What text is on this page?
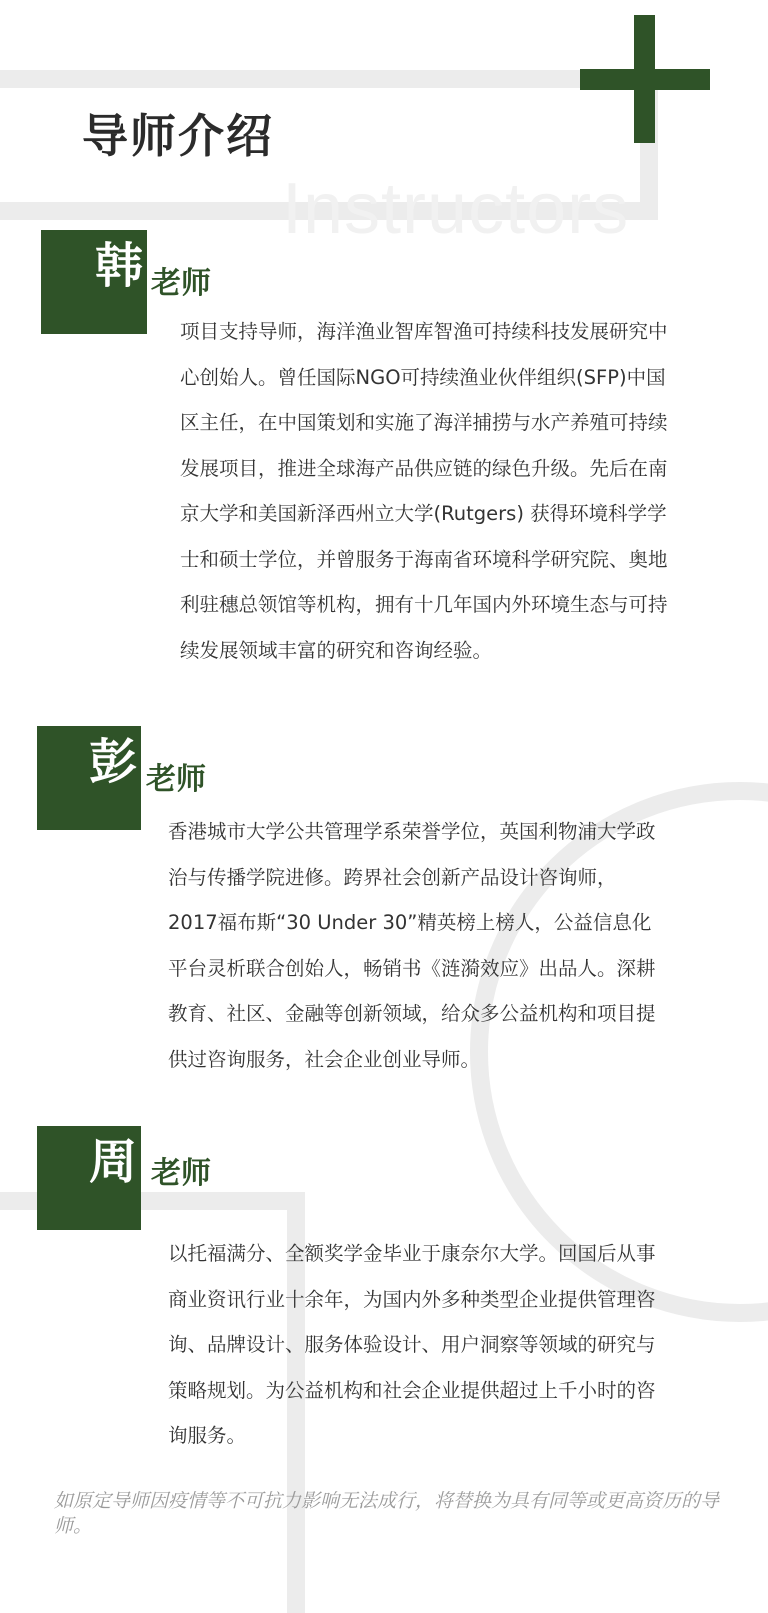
Instructors
导师介绍
韩 老师
项目支持导师，海洋渔业智库智渔可持续科技发展研究中心创始人。曾任国际NGO可持续渔业伙伴组织(SFP)中国区主任，在中国策划和实施了海洋捕捞与水产养殖可持续发展项目，推进全球海产品供应链的绿色升级。先后在南京大学和美国新泽西州立大学(Rutgers) 获得环境科学学士和硕士学位，并曾服务于海南省环境科学研究院、奥地利驻穗总领馆等机构，拥有十几年国内外环境生态与可持续发展领域丰富的研究和咨询经验。
彭 老师
香港城市大学公共管理学系荣誉学位，英国利物浦大学政治与传播学院进修。跨界社会创新产品设计咨询师，2017福布斯“30 Under 30”精英榜上榜人，公益信息化平台灵析联合创始人，畅销书《涟漪效应》出品人。深耕教育、社区、金融等创新领域，给众多公益机构和项目提供过咨询服务，社会企业创业导师。
周 老师
以托福满分、全额奖学金毕业于康奈尔大学。回国后从事商业资讯行业十余年，为国内外多种类型企业提供管理咨询、品牌设计、服务体验设计、用户洞察等领域的研究与策略规划。为公益机构和社会企业提供超过上千小时的咨询服务。
如原定导师因疫情等不可抗力影响无法成行，将替换为具有同等或更高资历的导师。
